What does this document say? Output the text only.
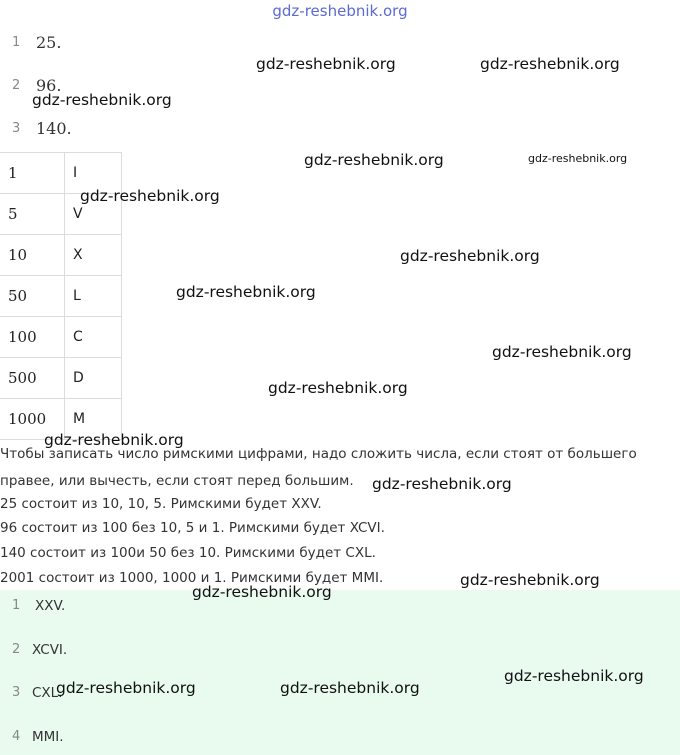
gdz-reshebnik.org
1 25.
2 96.
3 140.
1	I
5	V
10	X
50	L
100	C
500	D
1000	M
Чтобы записать число римскими цифрами, надо сложить числа, если стоят от большего
правее, или вычесть, если стоят перед большим.
25 состоит из 10, 10, 5. Римскими будет XXV.
96 состоит из 100 без 10, 5 и 1. Римскими будет XCVI.
140 состоит из 100и 50 без 10. Римскими будет CXL.
2001 состоит из 1000, 1000 и 1. Римскими будет MMI.
1 XXV.
2 XCVI.
3 CXL.
4 MMI.
gdz-reshebnik.org	gdz-reshebnik.org
gdz-reshebnik.org
gdz-reshebnik.org	gdz-reshebnik.org
gdz-reshebnik.org
gdz-reshebnik.org
gdz-reshebnik.org
gdz-reshebnik.org
gdz-reshebnik.org
gdz-reshebnik.org
gdz-reshebnik.org
gdz-reshebnik.org
gdz-reshebnik.org
gdz-reshebnik.org
gdz-reshebnik.org	gdz-reshebnik.org
